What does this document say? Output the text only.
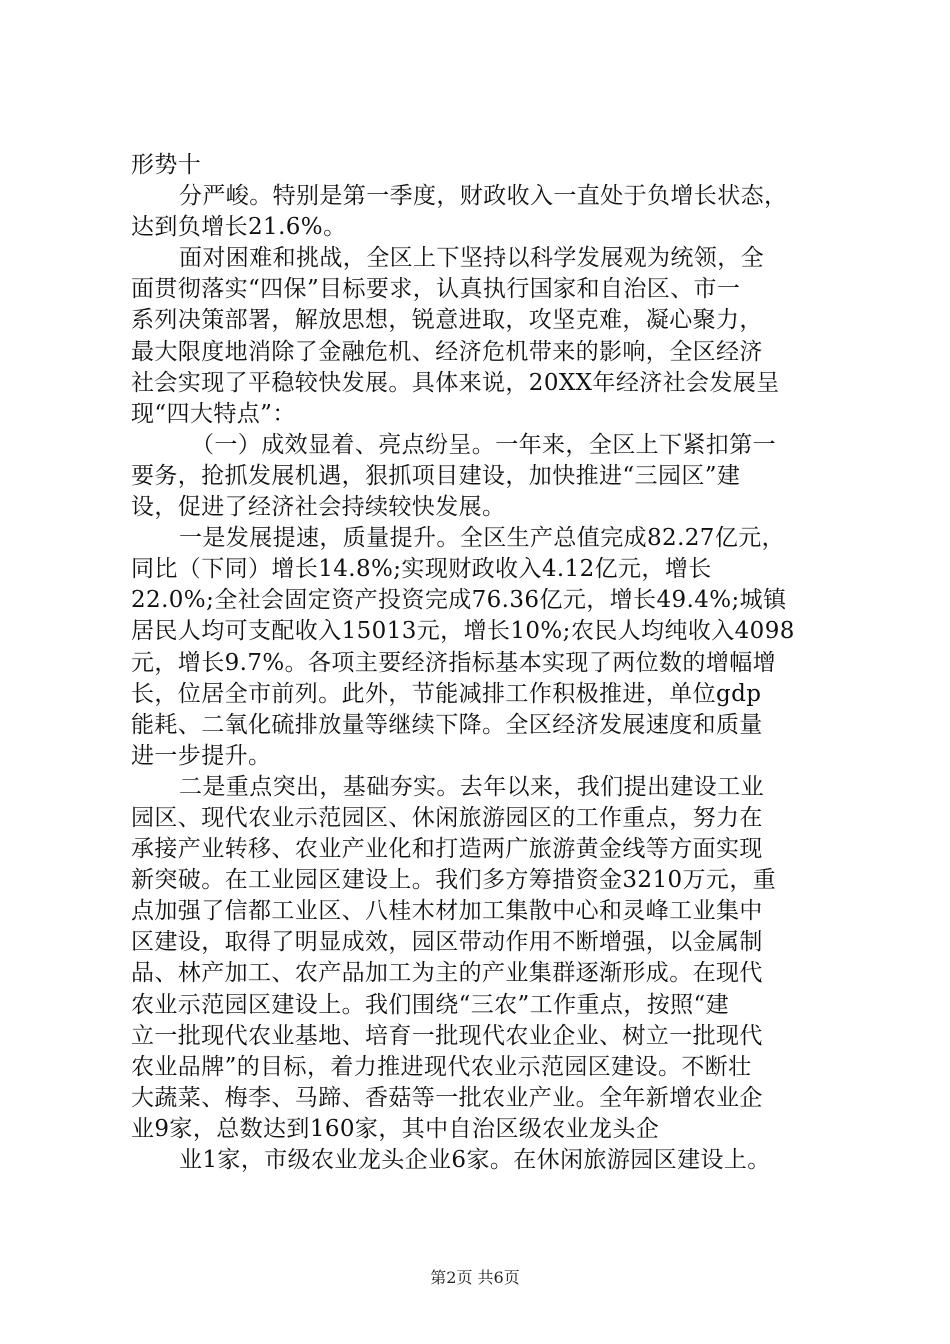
形势十
分严峻。特别是第一季度，财政收入一直处于负增长状态，
达到负增长21.6%。
面对困难和挑战，全区上下坚持以科学发展观为统领，全
面贯彻落实“四保”目标要求，认真执行国家和自治区、市一
系列决策部署，解放思想，锐意进取，攻坚克难，凝心聚力，
最大限度地消除了金融危机、经济危机带来的影响，全区经济
社会实现了平稳较快发展。具体来说，20XX年经济社会发展呈
现“四大特点”：
（一）成效显着、亮点纷呈。一年来，全区上下紧扣第一
要务，抢抓发展机遇，狠抓项目建设，加快推进“三园区”建
设，促进了经济社会持续较快发展。
一是发展提速，质量提升。全区生产总值完成82.27亿元，
同比（下同）增长14.8%;实现财政收入4.12亿元，增长
22.0%;全社会固定资产投资完成76.36亿元，增长49.4%;城镇
居民人均可支配收入15013元，增长10%;农民人均纯收入4098
元，增长9.7%。各项主要经济指标基本实现了两位数的增幅增
长，位居全市前列。此外，节能减排工作积极推进，单位gdp
能耗、二氧化硫排放量等继续下降。全区经济发展速度和质量
进一步提升。
二是重点突出，基础夯实。去年以来，我们提出建设工业
园区、现代农业示范园区、休闲旅游园区的工作重点，努力在
承接产业转移、农业产业化和打造两广旅游黄金线等方面实现
新突破。在工业园区建设上。我们多方筹措资金3210万元，重
点加强了信都工业区、八桂木材加工集散中心和灵峰工业集中
区建设，取得了明显成效，园区带动作用不断增强，以金属制
品、林产加工、农产品加工为主的产业集群逐渐形成。在现代
农业示范园区建设上。我们围绕“三农”工作重点，按照“建
立一批现代农业基地、培育一批现代农业企业、树立一批现代
农业品牌”的目标，着力推进现代农业示范园区建设。不断壮
大蔬菜、梅李、马蹄、香菇等一批农业产业。全年新增农业企
业9家，总数达到160家，其中自治区级农业龙头企
业1家，市级农业龙头企业6家。在休闲旅游园区建设上。
第2页 共6页
